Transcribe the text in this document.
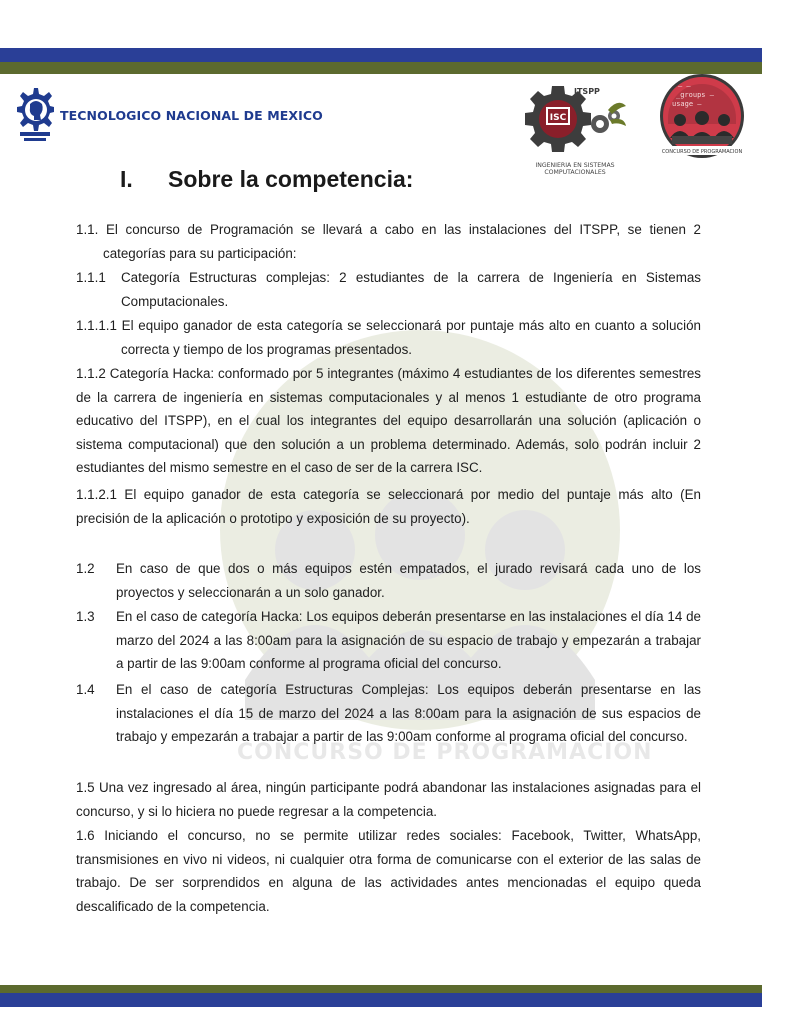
TECNOLOGICO NACIONAL DE MEXICO	ISC
ITSPP
INGENIERIA EN SISTEMAS
COMPUTACIONALES
— —
_groups —
usage —
CONCURSO DE PROGRAMACION
CONCURSO DE PROGRAMACIÓN
I.	Sobre la competencia:
1.1. El concurso de Programación se llevará a cabo en las instalaciones del ITSPP, se tienen 2 categorías para su participación:
1.1.1 Categoría Estructuras complejas: 2 estudiantes de la carrera de Ingeniería en Sistemas Computacionales.
1.1.1.1 El equipo ganador de esta categoría se seleccionará por puntaje más alto en cuanto a solución correcta y tiempo de los programas presentados.
1.1.2 Categoría Hacka: conformado por 5 integrantes (máximo 4 estudiantes de los diferentes semestres de la carrera de ingeniería en sistemas computacionales y al menos 1 estudiante de otro programa educativo del ITSPP), en el cual los integrantes del equipo desarrollarán una solución (aplicación o sistema computacional) que den solución a un problema determinado. Además, solo podrán incluir 2 estudiantes del mismo semestre en el caso de ser de la carrera ISC.
1.1.2.1 El equipo ganador de esta categoría se seleccionará por medio del puntaje más alto (En precisión de la aplicación o prototipo y exposición de su proyecto).
1.2	En caso de que dos o más equipos estén empatados, el jurado revisará cada uno de los proyectos y seleccionarán a un solo ganador.
1.3	En el caso de categoría Hacka: Los equipos deberán presentarse en las instalaciones el día 14 de marzo del 2024 a las 8:00am para la asignación de su espacio de trabajo y empezarán a trabajar a partir de las 9:00am conforme al programa oficial del concurso.
1.4	En el caso de categoría Estructuras Complejas: Los equipos deberán presentarse en las instalaciones el día 15 de marzo del 2024 a las 8:00am para la asignación de sus espacios de trabajo y empezarán a trabajar a partir de las 9:00am conforme al programa oficial del concurso.
1.5 Una vez ingresado al área, ningún participante podrá abandonar las instalaciones asignadas para el concurso, y si lo hiciera no puede regresar a la competencia.
1.6 Iniciando el concurso, no se permite utilizar redes sociales: Facebook, Twitter, WhatsApp, transmisiones en vivo ni videos, ni cualquier otra forma de comunicarse con el exterior de las salas de trabajo. De ser sorprendidos en alguna de las actividades antes mencionadas el equipo queda descalificado de la competencia.
